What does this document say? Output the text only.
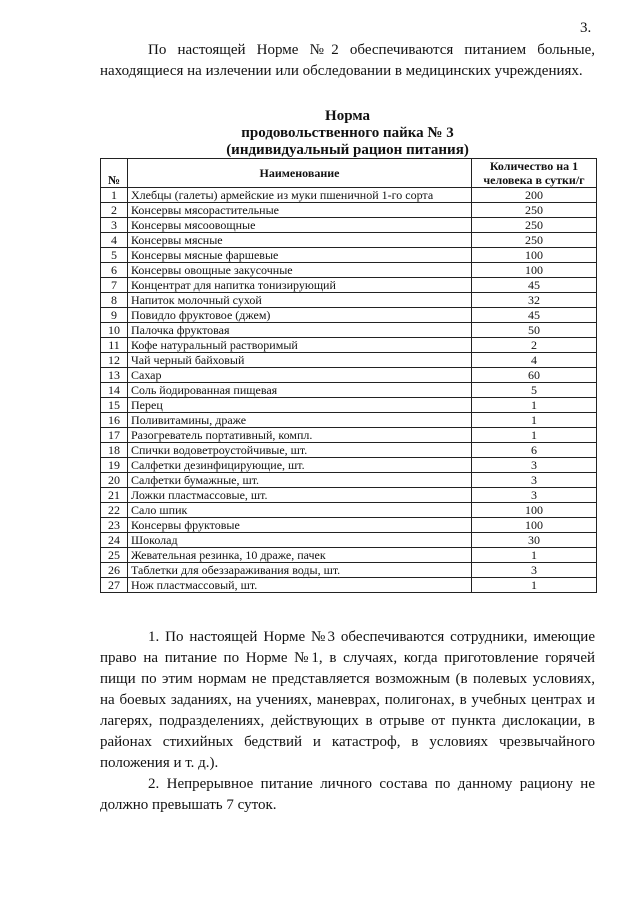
3.

По настоящей Норме №2 обеспечиваются питанием больные, находящиеся на излечении или обследовании в медицинских учреждениях.

Норма
продовольственного пайка № 3
(индивидуальный рацион питания)
№	Наименование	Количество на 1 человека в сутки/г
1	Хлебцы (галеты) армейские из муки пшеничной 1-го сорта	200
2	Консервы мясорастительные	250
3	Консервы мясоовощные	250
4	Консервы мясные	250
5	Консервы мясные фаршевые	100
6	Консервы овощные закусочные	100
7	Концентрат для напитка тонизирующий	45
8	Напиток молочный сухой	32
9	Повидло фруктовое (джем)	45
10	Палочка фруктовая	50
11	Кофе натуральный растворимый	2
12	Чай черный байховый	4
13	Сахар	60
14	Соль йодированная пищевая	5
15	Перец	1
16	Поливитамины, драже	1
17	Разогреватель портативный, компл.	1
18	Спички водоветроустойчивые, шт.	6
19	Салфетки дезинфицирующие, шт.	3
20	Салфетки бумажные, шт.	3
21	Ложки пластмассовые, шт.	3
22	Сало шпик	100
23	Консервы фруктовые	100
24	Шоколад	30
25	Жевательная резинка, 10 драже, пачек	1
26	Таблетки для обеззараживания воды, шт.	3
27	Нож пластмассовый, шт.	1

1. По настоящей Норме №3 обеспечиваются сотрудники, имеющие право на питание по Норме №1, в случаях, когда приготовление горячей пищи по этим нормам не представляется возможным (в полевых условиях, на боевых заданиях, на учениях, маневрах, полигонах, в учебных центрах и лагерях, подразделениях, действующих в отрыве от пункта дислокации, в районах стихийных бедствий и катастроф, в условиях чрезвычайного положения и т. д.).

2. Непрерывное питание личного состава по данному рациону не должно превышать 7 суток.
